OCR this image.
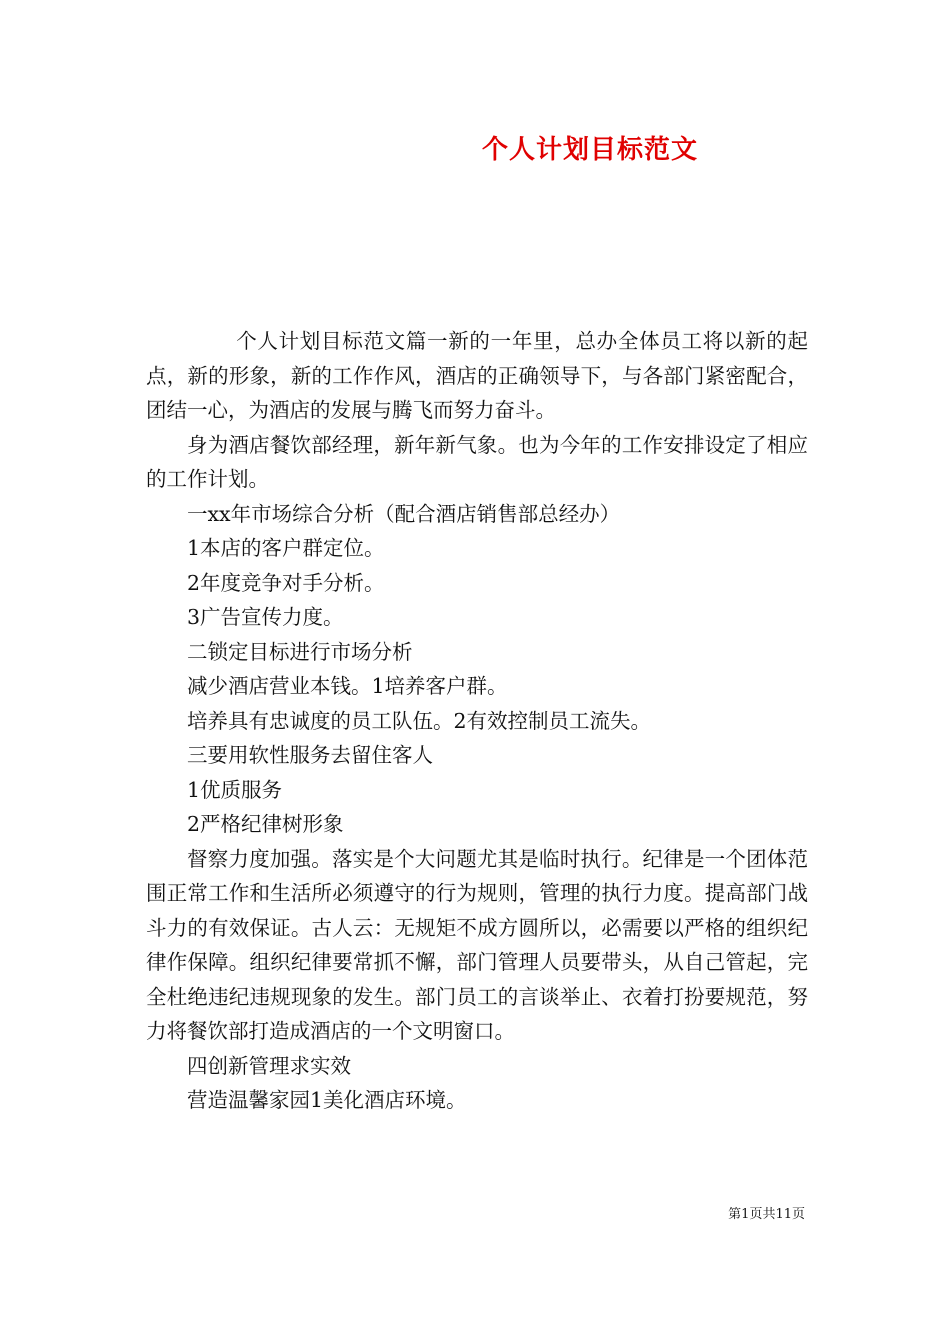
个人计划目标范文

个人计划目标范文篇一新的一年里，总办全体员工将以新的起点，新的形象，新的工作作风，酒店的正确领导下，与各部门紧密配合，团结一心，为酒店的发展与腾飞而努力奋斗。

身为酒店餐饮部经理，新年新气象。也为今年的工作安排设定了相应的工作计划。

一xx年市场综合分析（配合酒店销售部总经办）

1本店的客户群定位。

2年度竞争对手分析。

3广告宣传力度。

二锁定目标进行市场分析

减少酒店营业本钱。1培养客户群。

培养具有忠诚度的员工队伍。2有效控制员工流失。

三要用软性服务去留住客人

1优质服务

2严格纪律树形象

督察力度加强。落实是个大问题尤其是临时执行。纪律是一个团体范围正常工作和生活所必须遵守的行为规则，管理的执行力度。提高部门战斗力的有效保证。古人云：无规矩不成方圆所以，必需要以严格的组织纪律作保障。组织纪律要常抓不懈，部门管理人员要带头，从自己管起，完全杜绝违纪违规现象的发生。部门员工的言谈举止、衣着打扮要规范，努力将餐饮部打造成酒店的一个文明窗口。

四创新管理求实效

营造温馨家园1美化酒店环境。

第1页共11页
